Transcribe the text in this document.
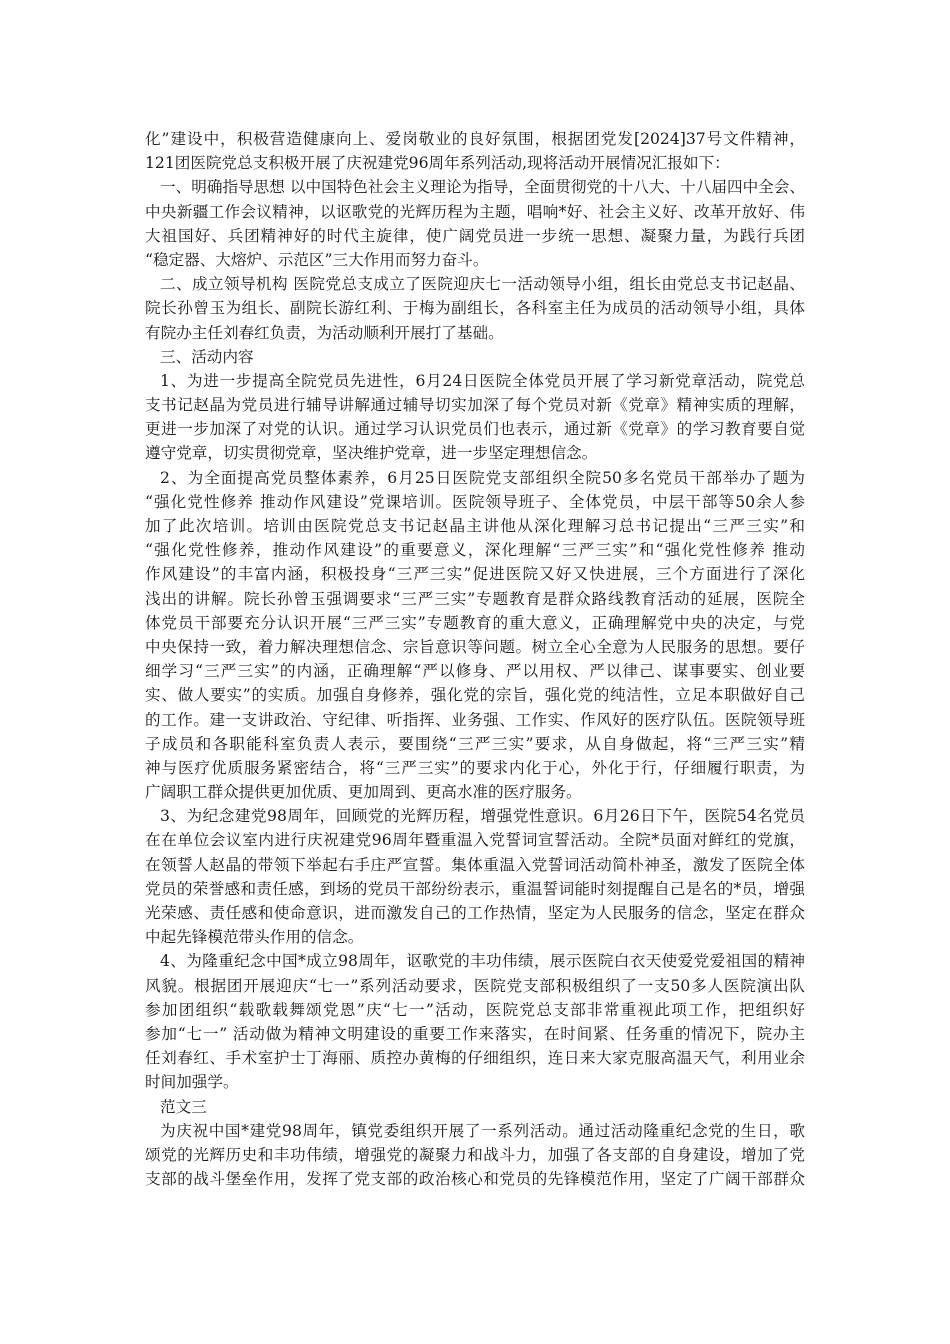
化”建设中，积极营造健康向上、爱岗敬业的良好氛围，根据团党发[2024]37号文件精神，
121团医院党总支积极开展了庆祝建党96周年系列活动,现将活动开展情况汇报如下：
一、明确指导思想 以中国特色社会主义理论为指导，全面贯彻党的十八大、十八届四中全会、
中央新疆工作会议精神，以讴歌党的光辉历程为主题，唱响*好、社会主义好、改革开放好、伟
大祖国好、兵团精神好的时代主旋律，使广阔党员进一步统一思想、凝聚力量，为践行兵团
“稳定器、大熔炉、示范区”三大作用而努力奋斗。
二、成立领导机构 医院党总支成立了医院迎庆七一活动领导小组，组长由党总支书记赵晶、
院长孙曾玉为组长、副院长游红利、于梅为副组长，各科室主任为成员的活动领导小组，具体
有院办主任刘春红负责，为活动顺利开展打了基础。
三、活动内容
1、为进一步提高全院党员先进性，6月24日医院全体党员开展了学习新党章活动，院党总
支书记赵晶为党员进行辅导讲解通过辅导切实加深了每个党员对新《党章》精神实质的理解，
更进一步加深了对党的认识。通过学习认识党员们也表示，通过新《党章》的学习教育要自觉
遵守党章，切实贯彻党章，坚决维护党章，进一步坚定理想信念。
2、为全面提高党员整体素养，6月25日医院党支部组织全院50多名党员干部举办了题为
“强化党性修养 推动作风建设”党课培训。医院领导班子、全体党员，中层干部等50余人参
加了此次培训。培训由医院党总支书记赵晶主讲他从深化理解习总书记提出“三严三实”和
“强化党性修养，推动作风建设”的重要意义，深化理解“三严三实”和“强化党性修养 推动
作风建设”的丰富内涵，积极投身“三严三实”促进医院又好又快进展，三个方面进行了深化
浅出的讲解。院长孙曾玉强调要求“三严三实”专题教育是群众路线教育活动的延展，医院全
体党员干部要充分认识开展“三严三实”专题教育的重大意义，正确理解党中央的决定，与党
中央保持一致，着力解决理想信念、宗旨意识等问题。树立全心全意为人民服务的思想。要仔
细学习“三严三实”的内涵，正确理解“严以修身、严以用权、严以律己、谋事要实、创业要
实、做人要实”的实质。加强自身修养，强化党的宗旨，强化党的纯洁性，立足本职做好自己
的工作。建一支讲政治、守纪律、听指挥、业务强、工作实、作风好的医疗队伍。医院领导班
子成员和各职能科室负责人表示，要围绕“三严三实”要求，从自身做起，将“三严三实”精
神与医疗优质服务紧密结合，将“三严三实”的要求内化于心，外化于行，仔细履行职责，为
广阔职工群众提供更加优质、更加周到、更高水准的医疗服务。
3、为纪念建党98周年，回顾党的光辉历程，增强党性意识。6月26日下午，医院54名党员
在在单位会议室内进行庆祝建党96周年暨重温入党誓词宣誓活动。全院*员面对鲜红的党旗，
在领誓人赵晶的带领下举起右手庄严宣誓。集体重温入党誓词活动简朴神圣，激发了医院全体
党员的荣誉感和责任感，到场的党员干部纷纷表示，重温誓词能时刻提醒自己是名的*员，增强
光荣感、责任感和使命意识，进而激发自己的工作热情，坚定为人民服务的信念，坚定在群众
中起先锋模范带头作用的信念。
4、为隆重纪念中国*成立98周年，讴歌党的丰功伟绩，展示医院白衣天使爱党爱祖国的精神
风貌。根据团开展迎庆“七一”系列活动要求，医院党支部积极组织了一支50多人医院演出队
参加团组织“载歌载舞颂党恩”庆“七一”活动，医院党总支部非常重视此项工作，把组织好
参加“七一” 活动做为精神文明建设的重要工作来落实，在时间紧、任务重的情况下，院办主
任刘春红、手术室护士丁海丽、质控办黄梅的仔细组织，连日来大家克服高温天气，利用业余
时间加强学。
范文三
为庆祝中国*建党98周年，镇党委组织开展了一系列活动。通过活动隆重纪念党的生日，歌
颂党的光辉历史和丰功伟绩，增强党的凝聚力和战斗力，加强了各支部的自身建设，增加了党
支部的战斗堡垒作用，发挥了党支部的政治核心和党员的先锋模范作用，坚定了广阔干部群众
